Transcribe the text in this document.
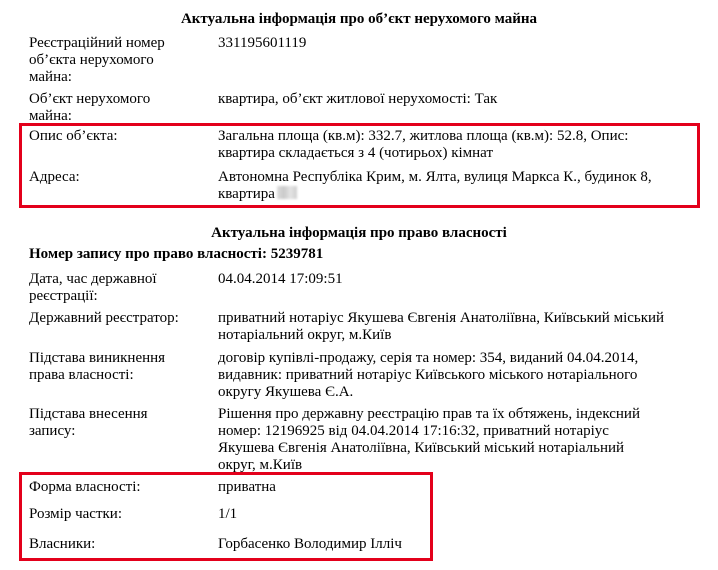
Актуальна інформація про об’єкт нерухомого майна
Реєстраційний номер
об’єкта нерухомого
майна:
331195601119
Об’єкт нерухомого
майна:
квартира, об’єкт житлової нерухомості: Так
Опис об’єкта:	Загальна площа (кв.м): 332.7, житлова площа (кв.м): 52.8, Опис:
квартира складається з 4 (чотирьох) кімнат
Адреса:	Автономна Республіка Крим, м. Ялта, вулиця Маркса К., будинок 8,
квартира
Актуальна інформація про право власності
Номер запису про право власності: 5239781
Дата, час державної
реєстрації:
04.04.2014 17:09:51
Державний реєстратор:	приватний нотаріус Якушева Євгенія Анатоліївна, Київський міський
нотаріальний округ, м.Київ
Підстава виникнення
права власності:
договір купівлі-продажу, серія та номер: 354, виданий 04.04.2014,
видавник: приватний нотаріус Київського міського нотаріального
округу Якушева Є.А.
Підстава внесення
запису:
Рішення про державну реєстрацію прав та їх обтяжень, індексний
номер: 12196925 від 04.04.2014 17:16:32, приватний нотаріус
Якушева Євгенія Анатоліївна, Київський міський нотаріальний
округ, м.Київ
Форма власності:	приватна
Розмір частки:	1/1
Власники:	Горбасенко Володимир Ілліч
